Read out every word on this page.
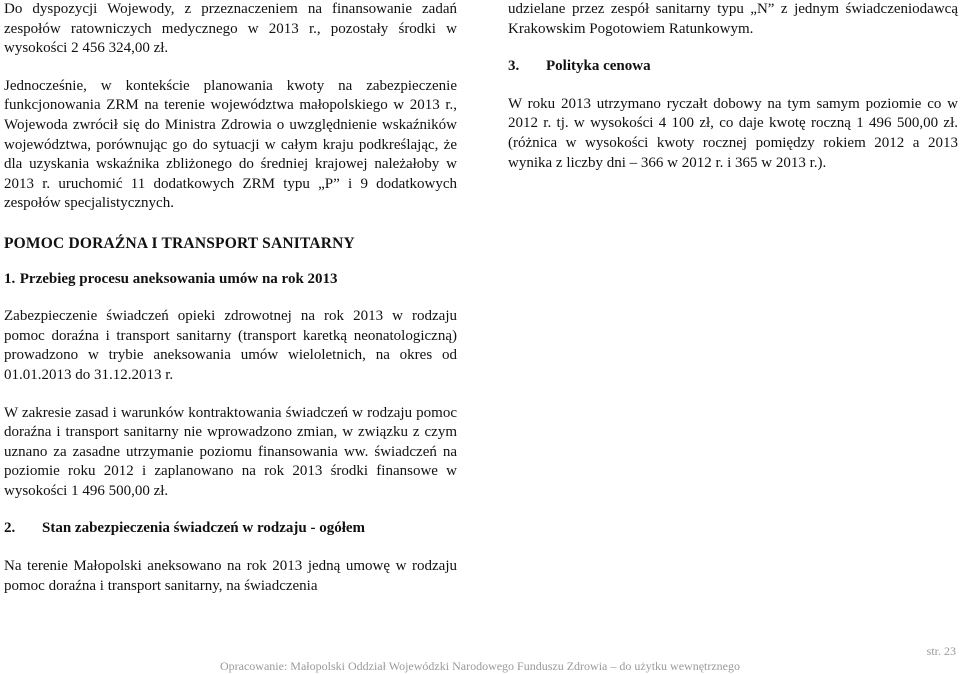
Do dyspozycji Wojewody, z przeznaczeniem na finansowanie zadań zespołów ratowniczych medycznego w 2013 r., pozostały środki w wysokości 2 456 324,00 zł.

Jednocześnie, w kontekście planowania kwoty na zabezpieczenie funkcjonowania ZRM na terenie województwa małopolskiego w 2013 r., Wojewoda zwrócił się do Ministra Zdrowia o uwzględnienie wskaźników województwa, porównując go do sytuacji w całym kraju podkreślając, że dla uzyskania wskaźnika zbliżonego do średniej krajowej należałoby w 2013 r. uruchomić 11 dodatkowych ZRM typu „P” i 9 dodatkowych zespołów specjalistycznych.

POMOC DORAŹNA I TRANSPORT SANITARNY

1. Przebieg procesu aneksowania umów na rok 2013

Zabezpieczenie świadczeń opieki zdrowotnej na rok 2013 w rodzaju pomoc doraźna i transport sanitarny (transport karetką neonatologiczną) prowadzono w trybie aneksowania umów wieloletnich, na okres od 01.01.2013 do 31.12.2013 r.

W zakresie zasad i warunków kontraktowania świadczeń w rodzaju pomoc doraźna i transport sanitarny nie wprowadzono zmian, w związku z czym uznano za zasadne utrzymanie poziomu finansowania ww. świadczeń na poziomie roku 2012 i zaplanowano na rok 2013 środki finansowe w wysokości 1 496 500,00 zł.

2. Stan zabezpieczenia świadczeń w rodzaju - ogółem

Na terenie Małopolski aneksowano na rok 2013 jedną umowę w rodzaju pomoc doraźna i transport sanitarny, na świadczenia

udzielane przez zespół sanitarny typu „N” z jednym świadczeniodawcą Krakowskim Pogotowiem Ratunkowym.

3. Polityka cenowa

W roku 2013 utrzymano ryczałt dobowy na tym samym poziomie co w 2012 r. tj. w wysokości 4 100 zł, co daje kwotę roczną 1 496 500,00 zł. (różnica w wysokości kwoty rocznej pomiędzy rokiem 2012 a 2013 wynika z liczby dni – 366 w 2012 r. i 365 w 2013 r.).

str. 23
Opracowanie: Małopolski Oddział Wojewódzki Narodowego Funduszu Zdrowia – do użytku wewnętrznego
